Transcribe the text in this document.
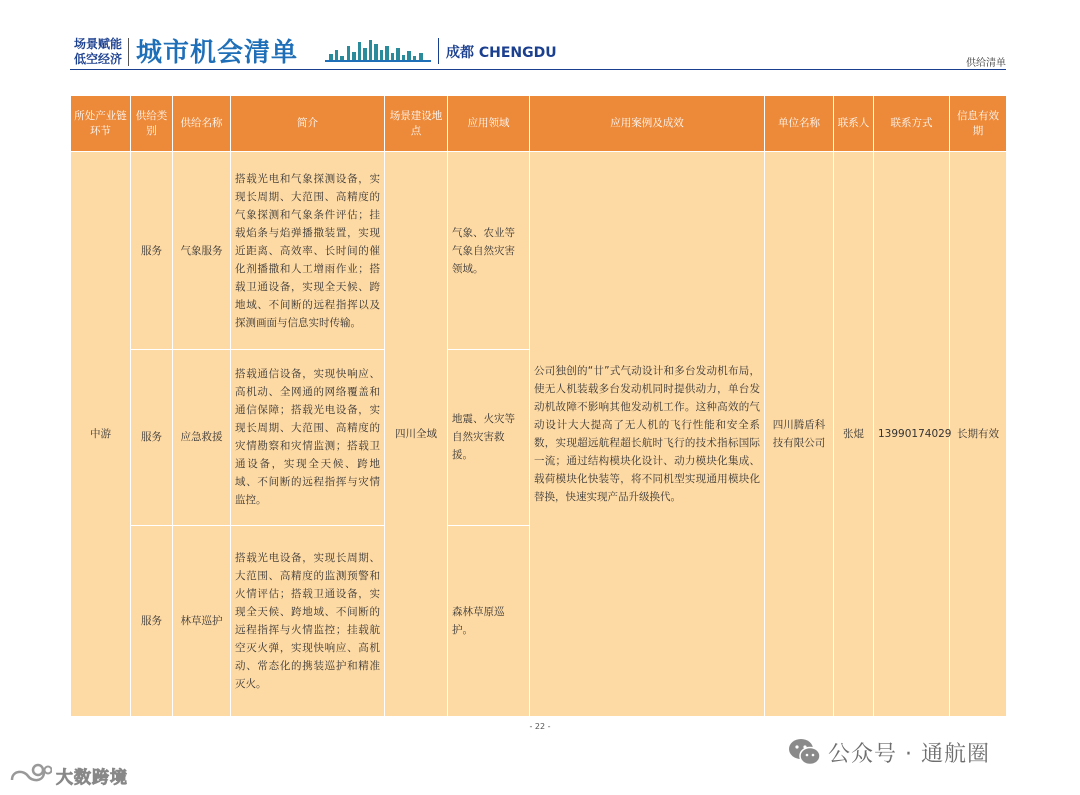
场景赋能
低空经济 城市机会清单	成都 CHENGDU
供给清单
所处产业链环节	供给类别	供给名称	简介	场景建设地点	应用领域	应用案例及成效	单位名称	联系人	联系方式	信息有效期
中游	服务	气象服务	搭载光电和气象探测设备，实现长周期、大范围、高精度的气象探测和气象条件评估；挂载焰条与焰弹播撒装置，实现近距离、高效率、长时间的催化剂播撒和人工增雨作业；搭载卫通设备，实现全天候、跨地域、不间断的远程指挥以及探测画面与信息实时传输。	四川全域	气象、农业等气象自然灾害领域。	公司独创的“廿”式气动设计和多台发动机布局，使无人机装载多台发动机同时提供动力，单台发动机故障不影响其他发动机工作。这种高效的气动设计大大提高了无人机的飞行性能和安全系数，实现超远航程超长航时飞行的技术指标国际一流；通过结构模块化设计、动力模块化集成、载荷模块化快装等，将不同机型实现通用模块化替换，快速实现产品升级换代。	四川腾盾科技有限公司	张焜	13990174029	长期有效
	服务	应急救援	搭载通信设备，实现快响应、高机动、全网通的网络覆盖和通信保障；搭载光电设备，实现长周期、大范围、高精度的灾情勘察和灾情监测；搭载卫通设备，实现全天候、跨地域、不间断的远程指挥与灾情监控。		地震、火灾等自然灾害救援。					
	服务	林草巡护	搭载光电设备，实现长周期、大范围、高精度的监测预警和火情评估；搭载卫通设备，实现全天候、跨地域、不间断的远程指挥与火情监控；挂载航空灭火弹，实现快响应、高机动、常态化的携装巡护和精准灭火。		森林草原巡护。					
- 22 -
公众号 · 通航圈
大数跨境
